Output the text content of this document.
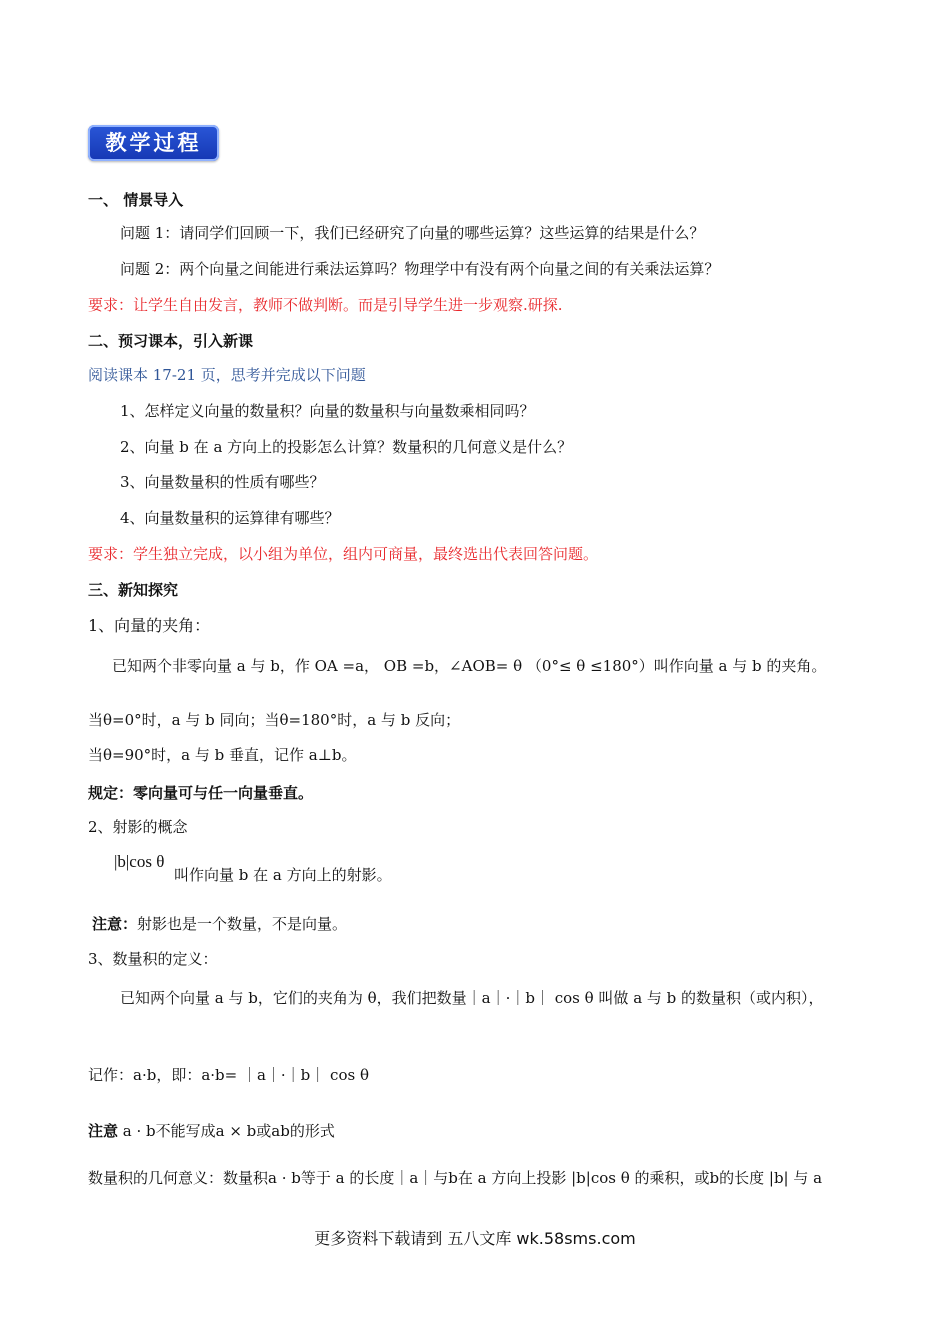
教学过程
一、 情景导入
问题 1：请同学们回顾一下，我们已经研究了向量的哪些运算？这些运算的结果是什么？
问题 2：两个向量之间能进行乘法运算吗？物理学中有没有两个向量之间的有关乘法运算？
要求：让学生自由发言，教师不做判断。而是引导学生进一步观察.研探.
二、预习课本，引入新课
阅读课本 17-21 页，思考并完成以下问题
1、怎样定义向量的数量积？向量的数量积与向量数乘相同吗？
2、向量 b 在 a 方向上的投影怎么计算？数量积的几何意义是什么？
3、向量数量积的性质有哪些？
4、向量数量积的运算律有哪些？
要求：学生独立完成，以小组为单位，组内可商量，最终选出代表回答问题。
三、新知探究
1、向量的夹角：
已知两个非零向量 a 与 b，作 OA =a， OB =b，∠AOB= θ （0°≤ θ ≤180°）叫作向量 a 与 b 的夹角。
当θ=0°时，a 与 b 同向；当θ=180°时，a 与 b 反向；
当θ=90°时，a 与 b 垂直，记作 a⊥b。
规定：零向量可与任一向量垂直。
2、射影的概念
|b|cos θ
叫作向量 b 在 a 方向上的射影。
注意：射影也是一个数量，不是向量。
3、数量积的定义：
已知两个向量 a 与 b，它们的夹角为 θ，我们把数量｜a｜·｜b｜ cos θ 叫做 a 与 b 的数量积（或内积），
记作：a·b，即：a·b= ｜a｜·｜b｜ cos θ
注意 a · b不能写成a × b或ab的形式
数量积的几何意义：数量积a · b等于 a 的长度｜a｜与b在 a 方向上投影 |b|cos θ 的乘积，或b的长度 |b| 与 a
更多资料下载请到 五八文库 wk.58sms.com
